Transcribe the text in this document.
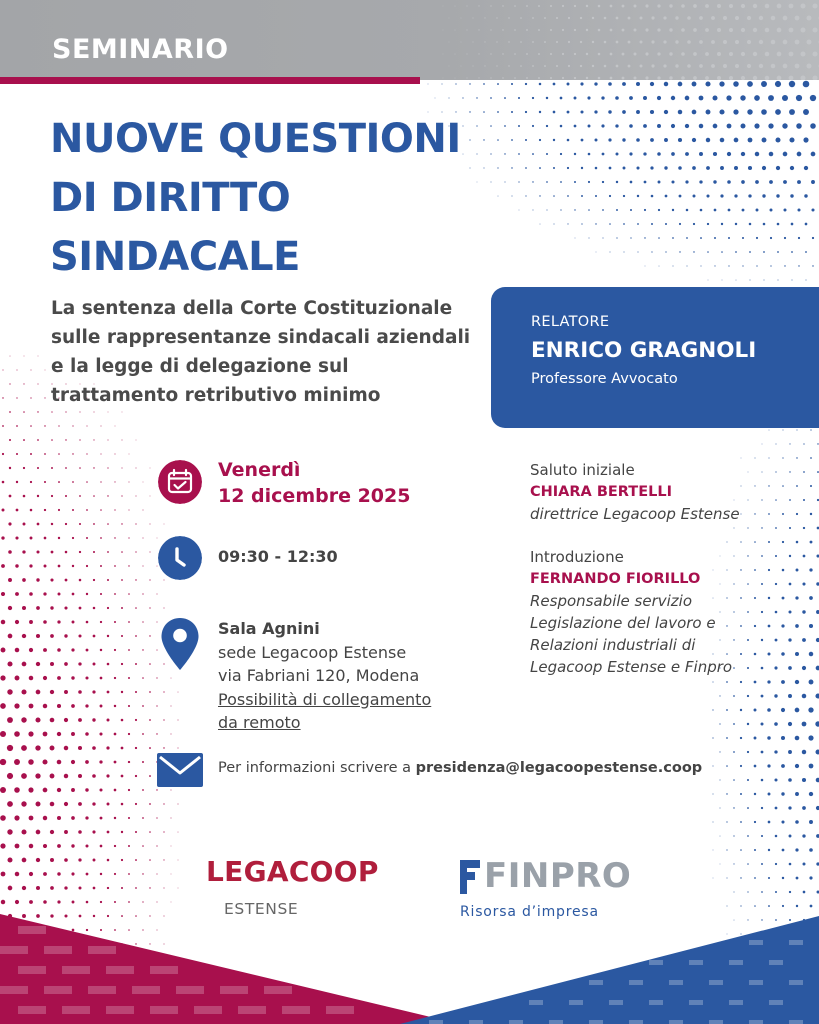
SEMINARIO
NUOVE QUESTIONI
DI DIRITTO
SINDACALE

La sentenza della Corte Costituzionale sulle rappresentanze sindacali aziendali e la legge di delegazione sul trattamento retributivo minimo

RELATORE
ENRICO GRAGNOLI
Professore Avvocato
Venerdì
12 dicembre 2025
09:30 - 12:30
Sala Agnini
sede Legacoop Estense
via Fabriani 120, Modena
Possibilità di collegamento
da remoto
Per informazioni scrivere a presidenza@legacoopestense.coop
Saluto iniziale
CHIARA BERTELLI
direttrice Legacoop Estense
Introduzione
FERNANDO FIORILLO
Responsabile servizio
Legislazione del lavoro e
Relazioni industriali di
Legacoop Estense e Finpro
LEGACOOP
ESTENSE
FINPRO
Risorsa d’impresa
